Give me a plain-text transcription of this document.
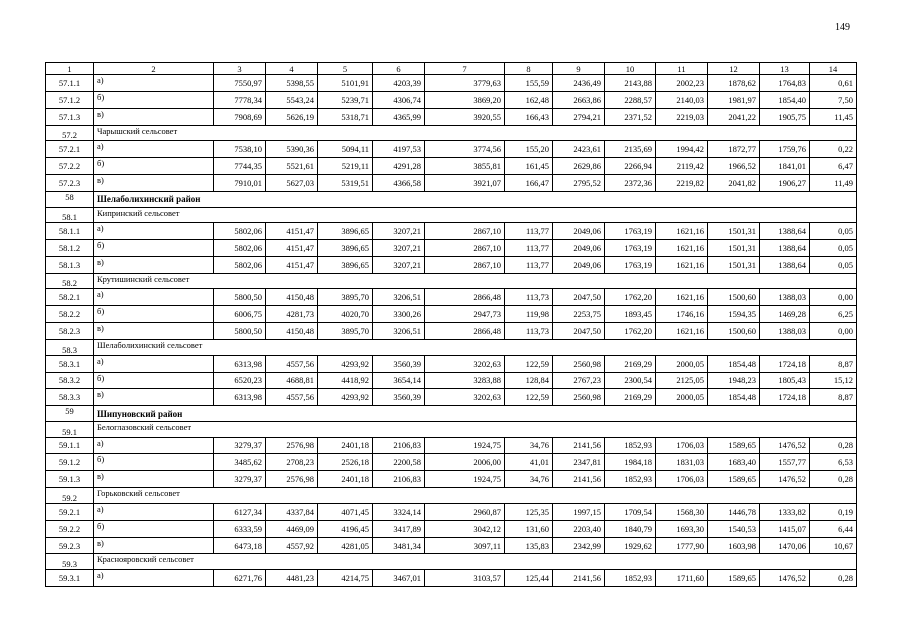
149
1	2	3	4	5	6	7	8	9	10	11	12	13	14
57.1.1	а)	7550,97	5398,55	5101,91	4203,39	3779,63	155,59	2436,49	2143,88	2002,23	1878,62	1764,83	0,61
57.1.2	б)	7778,34	5543,24	5239,71	4306,74	3869,20	162,48	2663,86	2288,57	2140,03	1981,97	1854,40	7,50
57.1.3	в)	7908,69	5626,19	5318,71	4365,99	3920,55	166,43	2794,21	2371,52	2219,03	2041,22	1905,75	11,45
57.2	Чарышский сельсовет												
57.2.1	а)	7538,10	5390,36	5094,11	4197,53	3774,56	155,20	2423,61	2135,69	1994,42	1872,77	1759,76	0,22
57.2.2	б)	7744,35	5521,61	5219,11	4291,28	3855,81	161,45	2629,86	2266,94	2119,42	1966,52	1841,01	6,47
57.2.3	в)	7910,01	5627,03	5319,51	4366,58	3921,07	166,47	2795,52	2372,36	2219,82	2041,82	1906,27	11,49
58	Шелаболихинский район												
58.1	Кипринский сельсовет												
58.1.1	а)	5802,06	4151,47	3896,65	3207,21	2867,10	113,77	2049,06	1763,19	1621,16	1501,31	1388,64	0,05
58.1.2	б)	5802,06	4151,47	3896,65	3207,21	2867,10	113,77	2049,06	1763,19	1621,16	1501,31	1388,64	0,05
58.1.3	в)	5802,06	4151,47	3896,65	3207,21	2867,10	113,77	2049,06	1763,19	1621,16	1501,31	1388,64	0,05
58.2	Крутишинский сельсовет												
58.2.1	а)	5800,50	4150,48	3895,70	3206,51	2866,48	113,73	2047,50	1762,20	1621,16	1500,60	1388,03	0,00
58.2.2	б)	6006,75	4281,73	4020,70	3300,26	2947,73	119,98	2253,75	1893,45	1746,16	1594,35	1469,28	6,25
58.2.3	в)	5800,50	4150,48	3895,70	3206,51	2866,48	113,73	2047,50	1762,20	1621,16	1500,60	1388,03	0,00
58.3	Шелаболихинский сельсовет												
58.3.1	а)	6313,98	4557,56	4293,92	3560,39	3202,63	122,59	2560,98	2169,29	2000,05	1854,48	1724,18	8,87
58.3.2	б)	6520,23	4688,81	4418,92	3654,14	3283,88	128,84	2767,23	2300,54	2125,05	1948,23	1805,43	15,12
58.3.3	в)	6313,98	4557,56	4293,92	3560,39	3202,63	122,59	2560,98	2169,29	2000,05	1854,48	1724,18	8,87
59	Шипуновский район												
59.1	Белоглазовский сельсовет												
59.1.1	а)	3279,37	2576,98	2401,18	2106,83	1924,75	34,76	2141,56	1852,93	1706,03	1589,65	1476,52	0,28
59.1.2	б)	3485,62	2708,23	2526,18	2200,58	2006,00	41,01	2347,81	1984,18	1831,03	1683,40	1557,77	6,53
59.1.3	в)	3279,37	2576,98	2401,18	2106,83	1924,75	34,76	2141,56	1852,93	1706,03	1589,65	1476,52	0,28
59.2	Горьковский сельсовет												
59.2.1	а)	6127,34	4337,84	4071,45	3324,14	2960,87	125,35	1997,15	1709,54	1568,30	1446,78	1333,82	0,19
59.2.2	б)	6333,59	4469,09	4196,45	3417,89	3042,12	131,60	2203,40	1840,79	1693,30	1540,53	1415,07	6,44
59.2.3	в)	6473,18	4557,92	4281,05	3481,34	3097,11	135,83	2342,99	1929,62	1777,90	1603,98	1470,06	10,67
59.3	Краснояровский сельсовет												
59.3.1	а)	6271,76	4481,23	4214,75	3467,01	3103,57	125,44	2141,56	1852,93	1711,60	1589,65	1476,52	0,28
